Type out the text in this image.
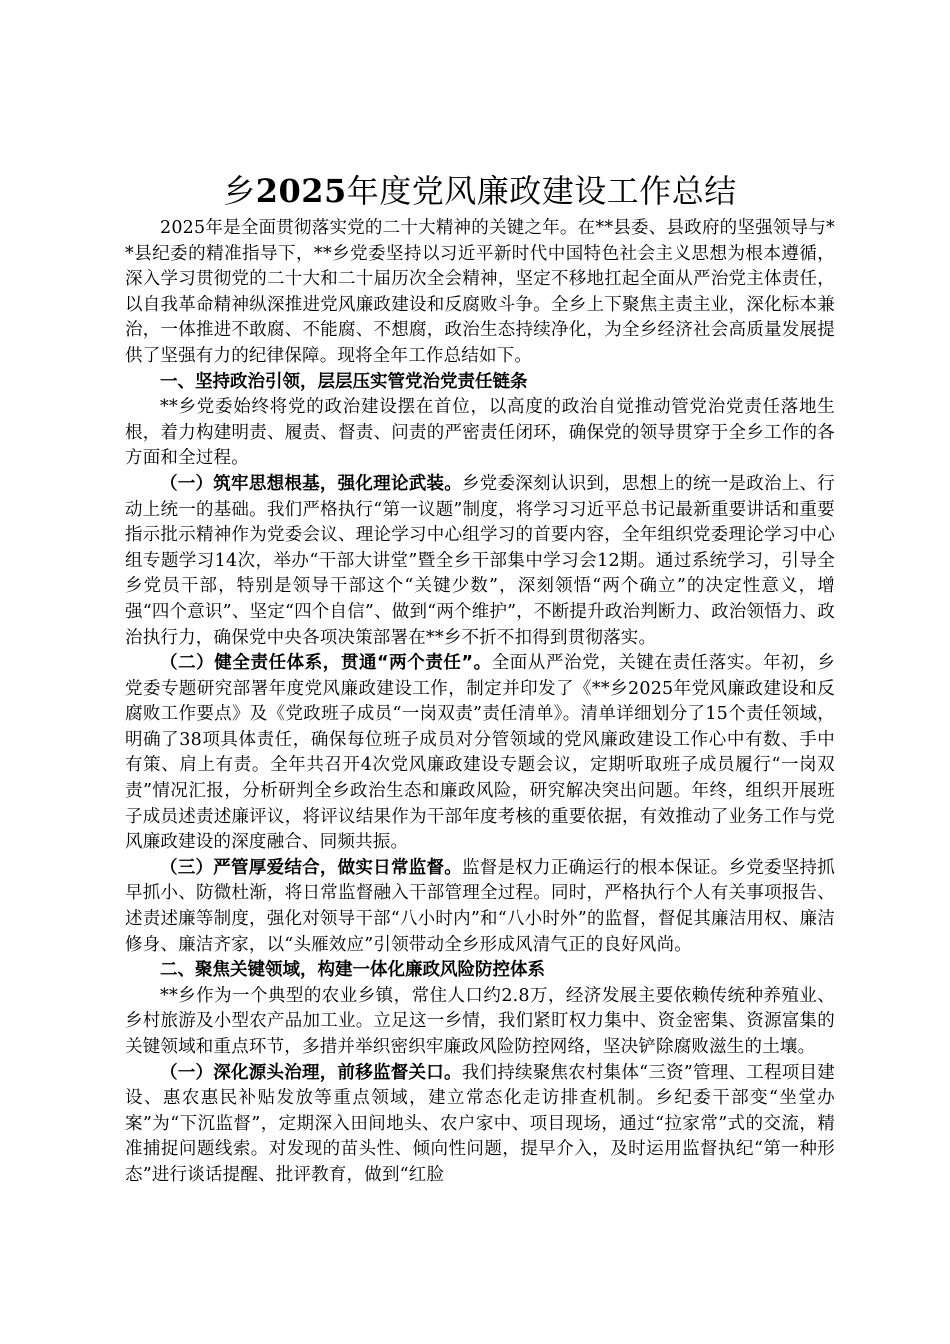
乡2025年度党风廉政建设工作总结

2025年是全面贯彻落实党的二十大精神的关键之年。在**县委、县政府的坚强领导与**县纪委的精准指导下，**乡党委坚持以习近平新时代中国特色社会主义思想为根本遵循，深入学习贯彻党的二十大和二十届历次全会精神，坚定不移地扛起全面从严治党主体责任，以自我革命精神纵深推进党风廉政建设和反腐败斗争。全乡上下聚焦主责主业，深化标本兼治，一体推进不敢腐、不能腐、不想腐，政治生态持续净化，为全乡经济社会高质量发展提供了坚强有力的纪律保障。现将全年工作总结如下。

一、坚持政治引领，层层压实管党治党责任链条

**乡党委始终将党的政治建设摆在首位，以高度的政治自觉推动管党治党责任落地生根，着力构建明责、履责、督责、问责的严密责任闭环，确保党的领导贯穿于全乡工作的各方面和全过程。

（一）筑牢思想根基，强化理论武装。乡党委深刻认识到，思想上的统一是政治上、行动上统一的基础。我们严格执行“第一议题”制度，将学习习近平总书记最新重要讲话和重要指示批示精神作为党委会议、理论学习中心组学习的首要内容，全年组织党委理论学习中心组专题学习14次，举办“干部大讲堂”暨全乡干部集中学习会12期。通过系统学习，引导全乡党员干部，特别是领导干部这个“关键少数”，深刻领悟“两个确立”的决定性意义，增强“四个意识”、坚定“四个自信”、做到“两个维护”，不断提升政治判断力、政治领悟力、政治执行力，确保党中央各项决策部署在**乡不折不扣得到贯彻落实。

（二）健全责任体系，贯通“两个责任”。全面从严治党，关键在责任落实。年初，乡党委专题研究部署年度党风廉政建设工作，制定并印发了《**乡2025年党风廉政建设和反腐败工作要点》及《党政班子成员“一岗双责”责任清单》。清单详细划分了15个责任领域，明确了38项具体责任，确保每位班子成员对分管领域的党风廉政建设工作心中有数、手中有策、肩上有责。全年共召开4次党风廉政建设专题会议，定期听取班子成员履行“一岗双责”情况汇报，分析研判全乡政治生态和廉政风险，研究解决突出问题。年终，组织开展班子成员述责述廉评议，将评议结果作为干部年度考核的重要依据，有效推动了业务工作与党风廉政建设的深度融合、同频共振。

（三）严管厚爱结合，做实日常监督。监督是权力正确运行的根本保证。乡党委坚持抓早抓小、防微杜渐，将日常监督融入干部管理全过程。同时，严格执行个人有关事项报告、述责述廉等制度，强化对领导干部“八小时内”和“八小时外”的监督，督促其廉洁用权、廉洁修身、廉洁齐家，以“头雁效应”引领带动全乡形成风清气正的良好风尚。

二、聚焦关键领域，构建一体化廉政风险防控体系

**乡作为一个典型的农业乡镇，常住人口约2.8万，经济发展主要依赖传统种养殖业、乡村旅游及小型农产品加工业。立足这一乡情，我们紧盯权力集中、资金密集、资源富集的关键领域和重点环节，多措并举织密织牢廉政风险防控网络，坚决铲除腐败滋生的土壤。

（一）深化源头治理，前移监督关口。我们持续聚焦农村集体“三资”管理、工程项目建设、惠农惠民补贴发放等重点领域，建立常态化走访排查机制。乡纪委干部变“坐堂办案”为“下沉监督”，定期深入田间地头、农户家中、项目现场，通过“拉家常”式的交流，精准捕捉问题线索。对发现的苗头性、倾向性问题，提早介入，及时运用监督执纪“第一种形态”进行谈话提醒、批评教育，做到“红脸
